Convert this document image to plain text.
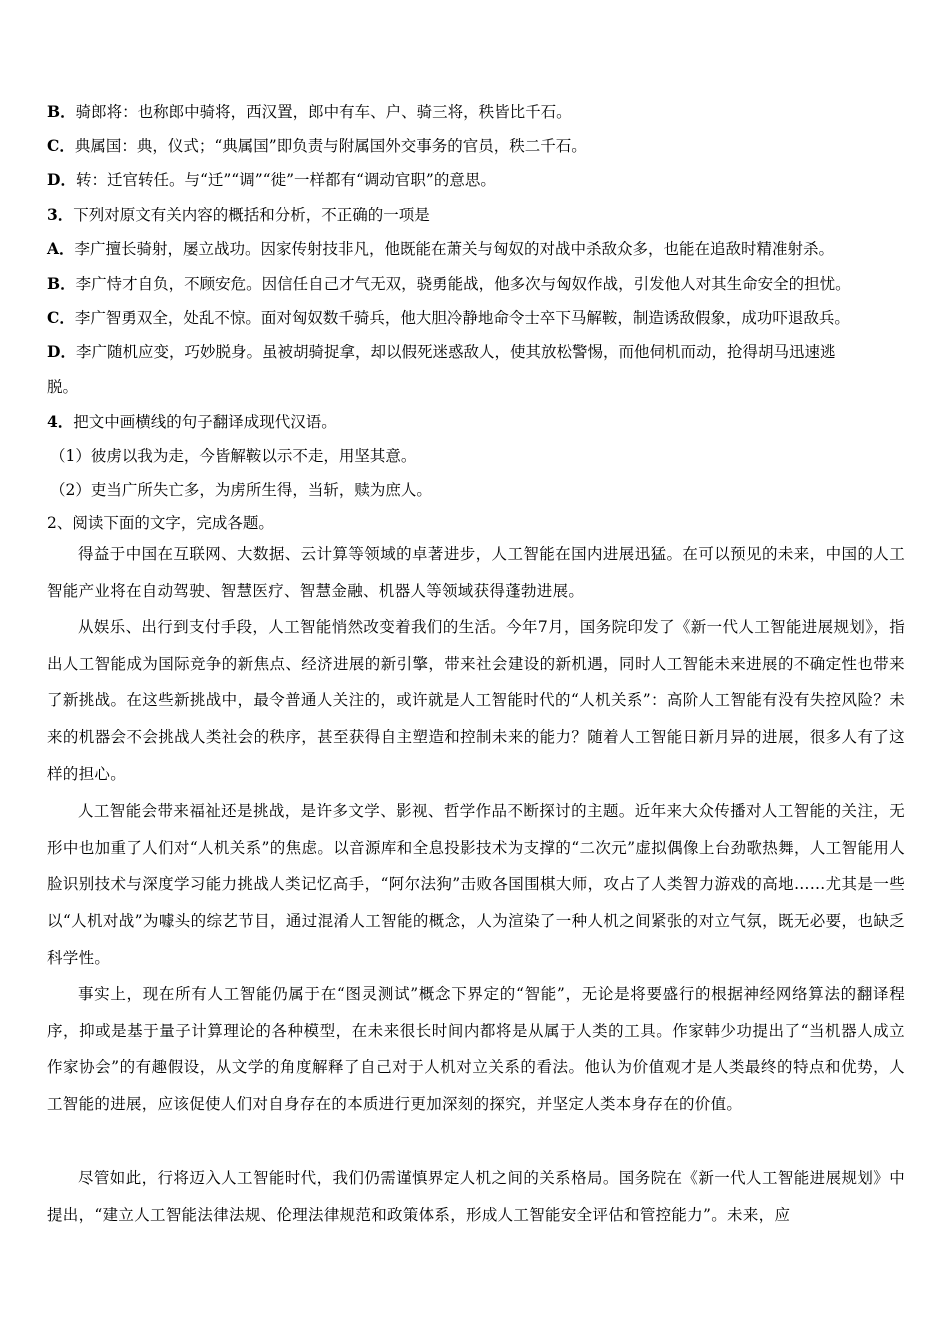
B．骑郎将：也称郎中骑将，西汉置，郎中有车、户、骑三将，秩皆比千石。
C．典属国：典，仪式；“典属国”即负责与附属国外交事务的官员，秩二千石。
D．转：迁官转任。与“迁”“调”“徙”一样都有“调动官职”的意思。
3．下列对原文有关内容的概括和分析，不正确的一项是
A．李广擅长骑射，屡立战功。因家传射技非凡，他既能在萧关与匈奴的对战中杀敌众多，也能在追敌时精准射杀。
B．李广恃才自负，不顾安危。因信任自己才气无双，骁勇能战，他多次与匈奴作战，引发他人对其生命安全的担忧。
C．李广智勇双全，处乱不惊。面对匈奴数千骑兵，他大胆冷静地命令士卒下马解鞍，制造诱敌假象，成功吓退敌兵。
D．李广随机应变，巧妙脱身。虽被胡骑捉拿，却以假死迷惑敌人，使其放松警惕，而他伺机而动，抢得胡马迅速逃
脱。
4．把文中画横线的句子翻译成现代汉语。
（1）彼虏以我为走，今皆解鞍以示不走，用坚其意。
（2）吏当广所失亡多，为虏所生得，当斩，赎为庶人。
2、阅读下面的文字，完成各题。
得益于中国在互联网、大数据、云计算等领域的卓著进步，人工智能在国内进展迅猛。在可以预见的未来，中国的人工智能产业将在自动驾驶、智慧医疗、智慧金融、机器人等领域获得蓬勃进展。
从娱乐、出行到支付手段，人工智能悄然改变着我们的生活。今年7月，国务院印发了《新一代人工智能进展规划》，指出人工智能成为国际竞争的新焦点、经济进展的新引擎，带来社会建设的新机遇，同时人工智能未来进展的不确定性也带来了新挑战。在这些新挑战中，最令普通人关注的，或许就是人工智能时代的“人机关系”：高阶人工智能有没有失控风险？未来的机器会不会挑战人类社会的秩序，甚至获得自主塑造和控制未来的能力？随着人工智能日新月异的进展，很多人有了这样的担心。
人工智能会带来福祉还是挑战，是许多文学、影视、哲学作品不断探讨的主题。近年来大众传播对人工智能的关注，无形中也加重了人们对“人机关系”的焦虑。以音源库和全息投影技术为支撑的“二次元”虚拟偶像上台劲歌热舞，人工智能用人脸识别技术与深度学习能力挑战人类记忆高手，“阿尔法狗”击败各国围棋大师，攻占了人类智力游戏的高地……尤其是一些以“人机对战”为噱头的综艺节目，通过混淆人工智能的概念，人为渲染了一种人机之间紧张的对立气氛，既无必要，也缺乏科学性。
事实上，现在所有人工智能仍属于在“图灵测试”概念下界定的“智能”，无论是将要盛行的根据神经网络算法的翻译程序，抑或是基于量子计算理论的各种模型，在未来很长时间内都将是从属于人类的工具。作家韩少功提出了“当机器人成立作家协会”的有趣假设，从文学的角度解释了自己对于人机对立关系的看法。他认为价值观才是人类最终的特点和优势，人工智能的进展，应该促使人们对自身存在的本质进行更加深刻的探究，并坚定人类本身存在的价值。
尽管如此，行将迈入人工智能时代，我们仍需谨慎界定人机之间的关系格局。国务院在《新一代人工智能进展规划》中提出，“建立人工智能法律法规、伦理法律规范和政策体系，形成人工智能安全评估和管控能力”。未来，应
